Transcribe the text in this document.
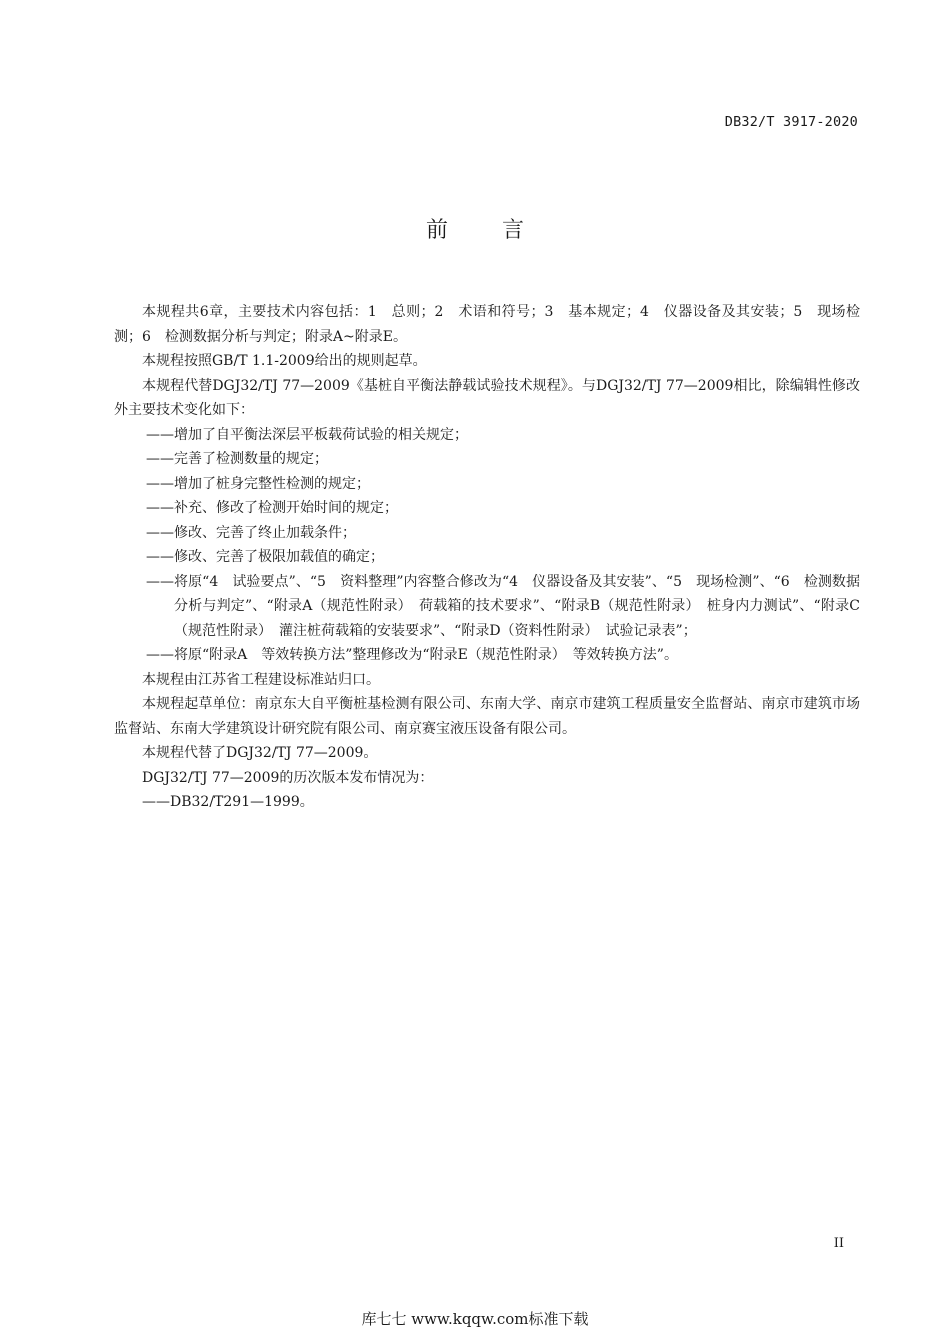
DB32/T 3917-2020
前言

本规程共6章，主要技术内容包括：1　总则；2　术语和符号；3　基本规定；4　仪器设备及其安装；5　现场检测；6　检测数据分析与判定；附录A~附录E。

本规程按照GB/T 1.1-2009给出的规则起草。

本规程代替DGJ32/TJ 77—2009《基桩自平衡法静载试验技术规程》。与DGJ32/TJ 77—2009相比，除编辑性修改外主要技术变化如下：

——增加了自平衡法深层平板载荷试验的相关规定；

——完善了检测数量的规定；

——增加了桩身完整性检测的规定；

——补充、修改了检测开始时间的规定；

——修改、完善了终止加载条件；

——修改、完善了极限加载值的确定；

——将原“4　试验要点”、“5　资料整理”内容整合修改为“4　仪器设备及其安装”、“5　现场检测”、“6　检测数据分析与判定”、“附录A（规范性附录）　荷载箱的技术要求”、“附录B（规范性附录）　桩身内力测试”、“附录C（规范性附录）　灌注桩荷载箱的安装要求”、“附录D（资料性附录）　试验记录表”；

——将原“附录A　等效转换方法”整理修改为“附录E（规范性附录）　等效转换方法”。

本规程由江苏省工程建设标准站归口。

本规程起草单位：南京东大自平衡桩基检测有限公司、东南大学、南京市建筑工程质量安全监督站、南京市建筑市场监督站、东南大学建筑设计研究院有限公司、南京赛宝液压设备有限公司。

本规程代替了DGJ32/TJ 77—2009。

DGJ32/TJ 77—2009的历次版本发布情况为：

——DB32/T291—1999。

II
库七七 www.kqqw.com标准下载
